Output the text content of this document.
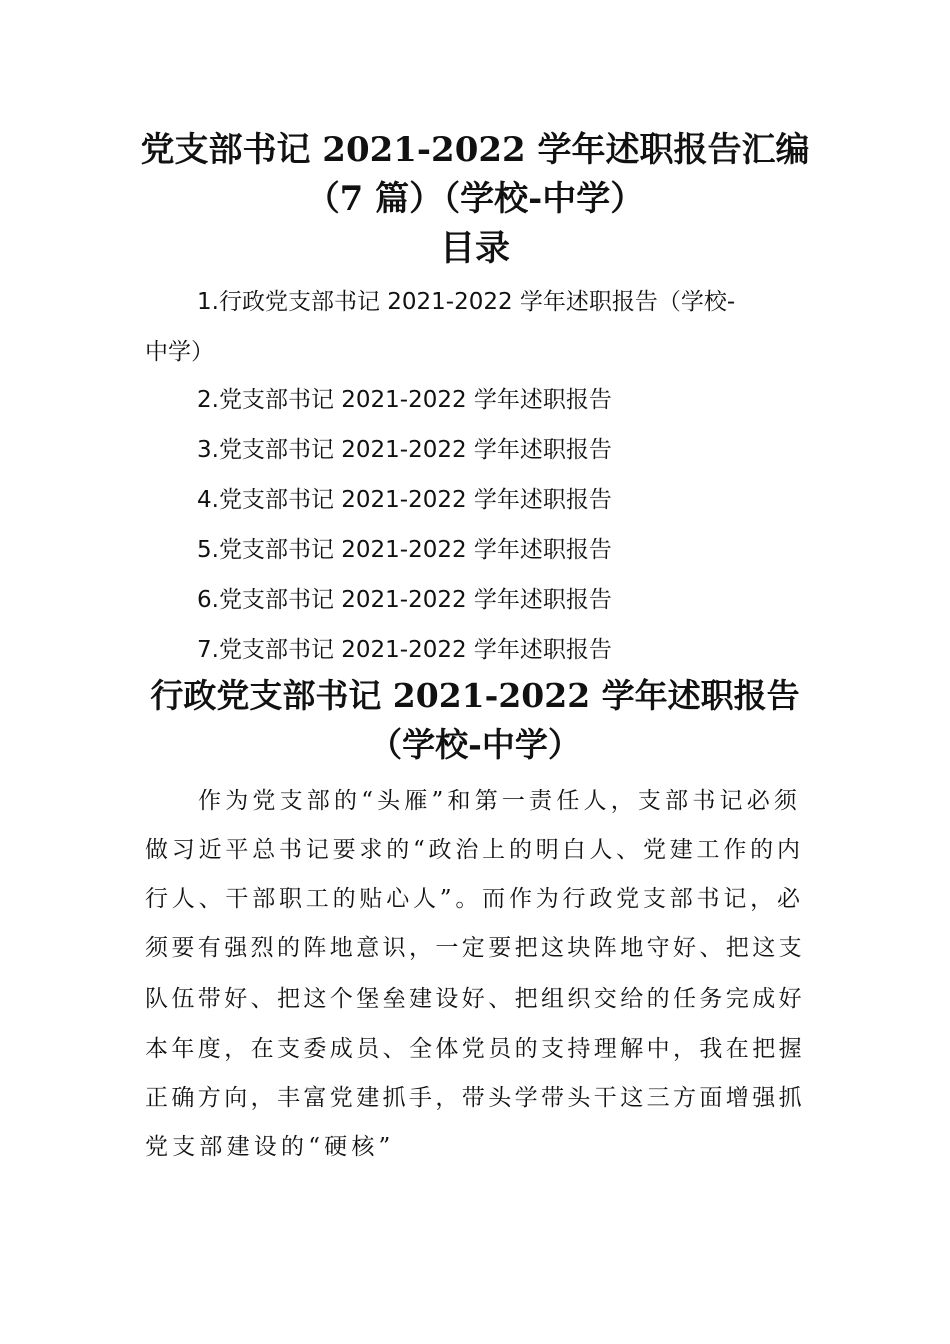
党支部书记 2021-2022 学年述职报告汇编
（7 篇）（学校-中学）
目录
1.行政党支部书记 2021-2022 学年述职报告（学校-
中学）
2.党支部书记 2021-2022 学年述职报告
3.党支部书记 2021-2022 学年述职报告
4.党支部书记 2021-2022 学年述职报告
5.党支部书记 2021-2022 学年述职报告
6.党支部书记 2021-2022 学年述职报告
7.党支部书记 2021-2022 学年述职报告
行政党支部书记 2021-2022 学年述职报告
（学校-中学）
作为党支部的“头雁”和第一责任人，支部书记必须
做习近平总书记要求的“政治上的明白人、党建工作的内
行人、干部职工的贴心人”。而作为行政党支部书记，必
须要有强烈的阵地意识，一定要把这块阵地守好、把这支
队伍带好、把这个堡垒建设好、把组织交给的任务完成好
本年度，在支委成员、全体党员的支持理解中，我在把握
正确方向，丰富党建抓手，带头学带头干这三方面增强抓
党支部建设的“硬核”
